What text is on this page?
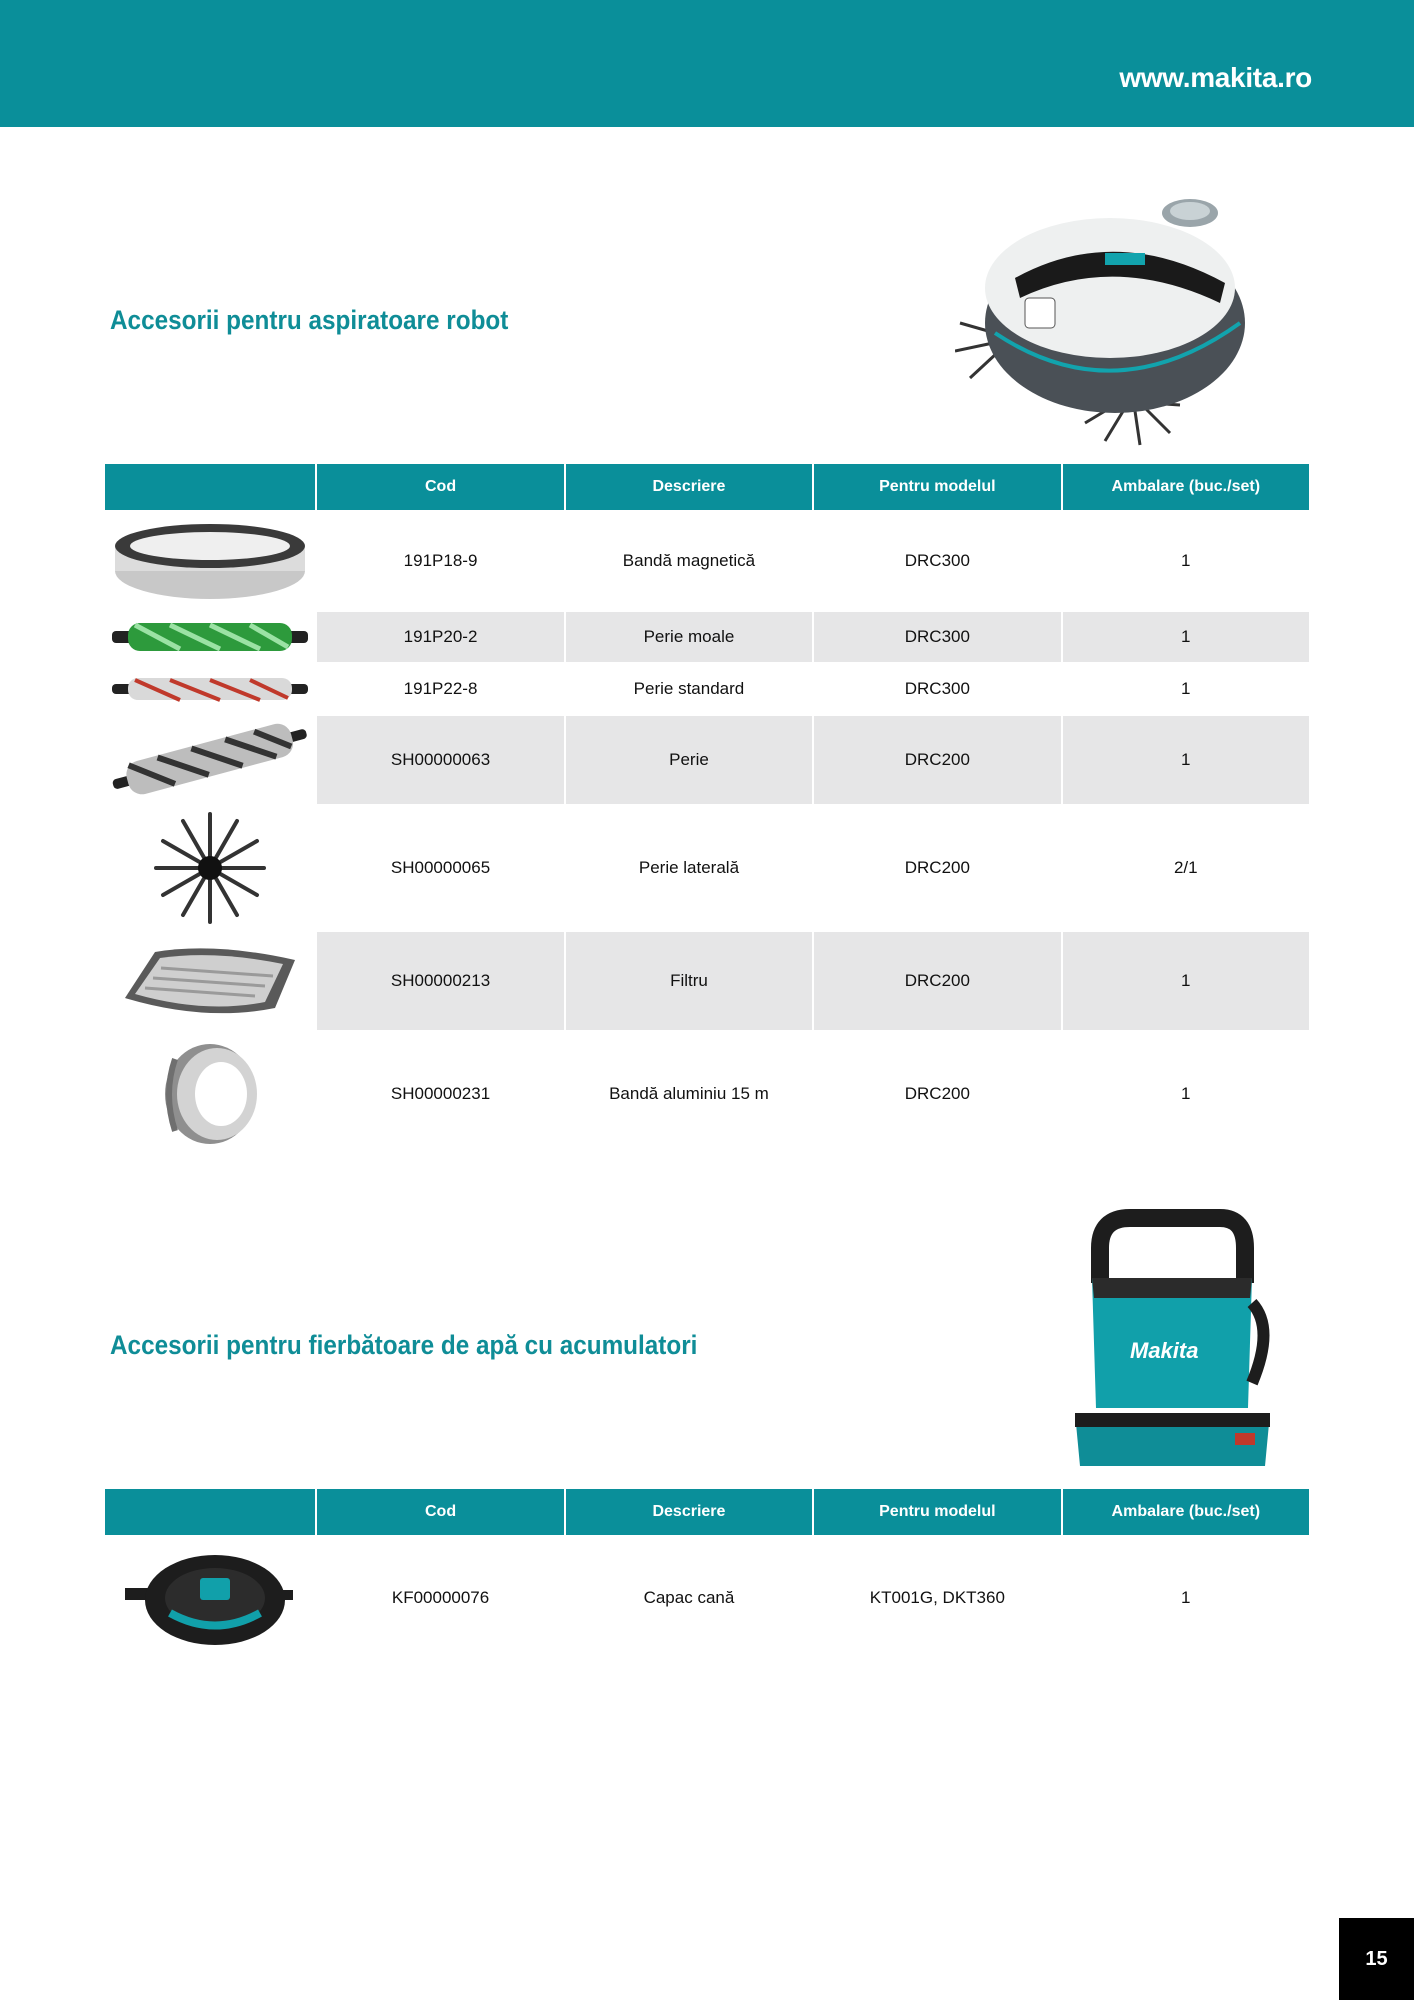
www.makita.ro
Accesorii pentru aspiratoare robot
	Cod	Descriere	Pentru modelul	Ambalare (buc./set)

	191P18-9	Bandă magnetică	DRC300	1

	191P20-2	Perie moale	DRC300	1

	191P22-8	Perie standard	DRC300	1

	SH00000063	Perie	DRC200	1

	SH00000065	Perie laterală	DRC200	2/1

	SH00000213	Filtru	DRC200	1

	SH00000231	Bandă aluminiu 15 m	DRC200	1
Accesorii pentru fierbătoare de apă cu acumulatori	Makita
	Cod	Descriere	Pentru modelul	Ambalare (buc./set)

	KF00000076	Capac cană	KT001G, DKT360	1
15
